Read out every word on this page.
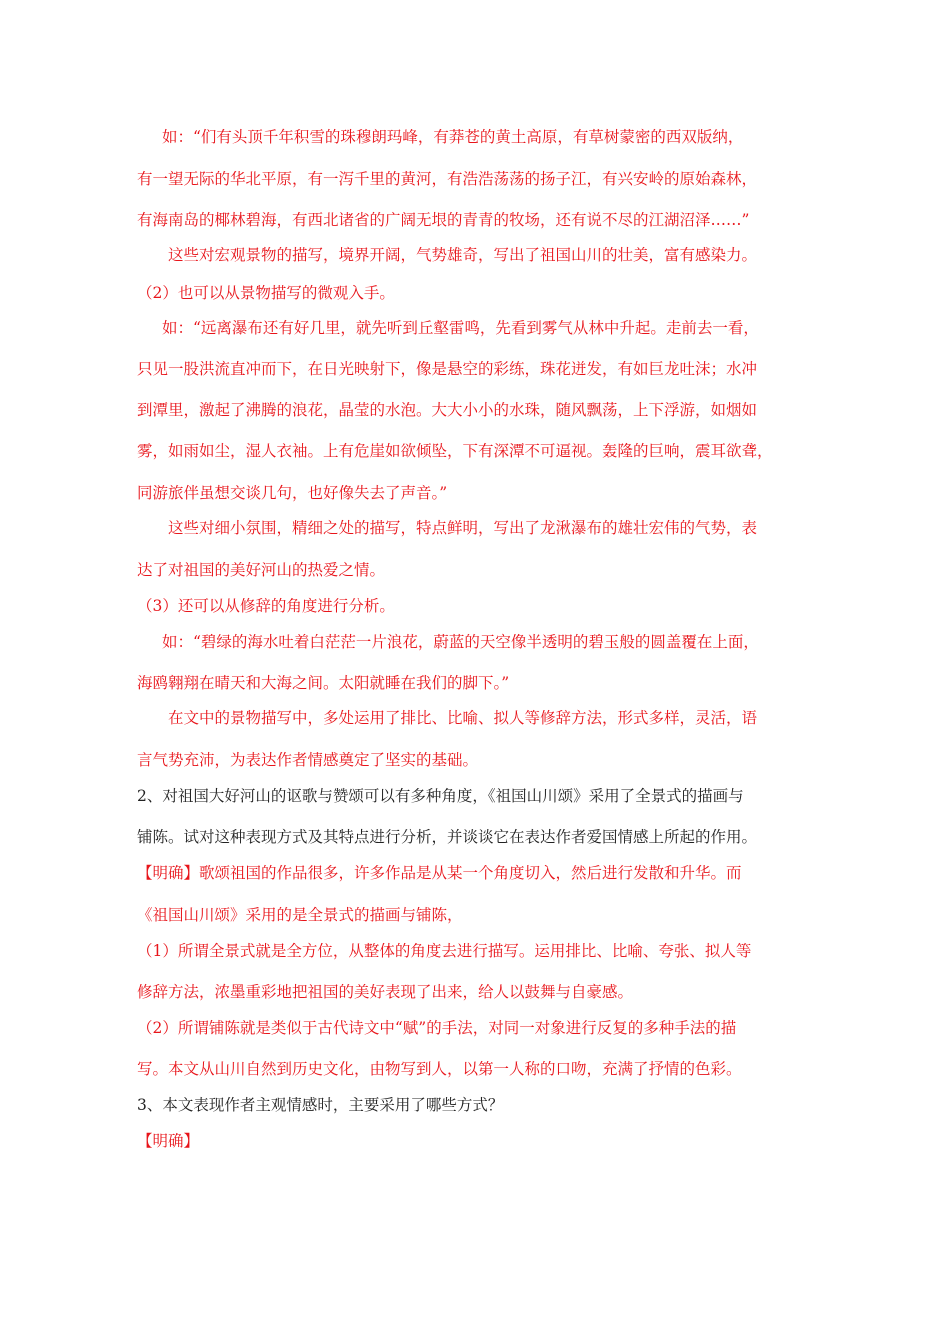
如：“们有头顶千年积雪的珠穆朗玛峰，有莽苍的黄土高原，有草树蒙密的西双版纳，
有一望无际的华北平原，有一泻千里的黄河，有浩浩荡荡的扬子江，有兴安岭的原始森林，
有海南岛的椰林碧海，有西北诸省的广阔无垠的青青的牧场，还有说不尽的江湖沼泽……”
这些对宏观景物的描写，境界开阔，气势雄奇，写出了祖国山川的壮美，富有感染力。
（2）也可以从景物描写的微观入手。
如：“远离瀑布还有好几里，就先听到丘壑雷鸣，先看到雾气从林中升起。走前去一看，
只见一股洪流直冲而下，在日光映射下，像是悬空的彩练，珠花迸发，有如巨龙吐沫；水冲
到潭里，激起了沸腾的浪花，晶莹的水泡。大大小小的水珠，随风飘荡，上下浮游，如烟如
雾，如雨如尘，湿人衣袖。上有危崖如欲倾坠，下有深潭不可逼视。轰隆的巨响，震耳欲聋，
同游旅伴虽想交谈几句，也好像失去了声音。”
这些对细小氛围，精细之处的描写，特点鲜明，写出了龙湫瀑布的雄壮宏伟的气势，表
达了对祖国的美好河山的热爱之情。
（3）还可以从修辞的角度进行分析。
如：“碧绿的海水吐着白茫茫一片浪花，蔚蓝的天空像半透明的碧玉般的圆盖覆在上面，
海鸥翱翔在晴天和大海之间。太阳就睡在我们的脚下。”
在文中的景物描写中，多处运用了排比、比喻、拟人等修辞方法，形式多样，灵活，语
言气势充沛，为表达作者情感奠定了坚实的基础。
2、对祖国大好河山的讴歌与赞颂可以有多种角度，《祖国山川颂》采用了全景式的描画与
铺陈。试对这种表现方式及其特点进行分析，并谈谈它在表达作者爱国情感上所起的作用。
【明确】歌颂祖国的作品很多，许多作品是从某一个角度切入，然后进行发散和升华。而
《祖国山川颂》采用的是全景式的描画与铺陈，
（1）所谓全景式就是全方位，从整体的角度去进行描写。运用排比、比喻、夸张、拟人等
修辞方法，浓墨重彩地把祖国的美好表现了出来，给人以鼓舞与自豪感。
（2）所谓铺陈就是类似于古代诗文中“赋”的手法，对同一对象进行反复的多种手法的描
写。本文从山川自然到历史文化，由物写到人，以第一人称的口吻，充满了抒情的色彩。
3、本文表现作者主观情感时，主要采用了哪些方式？
【明确】
